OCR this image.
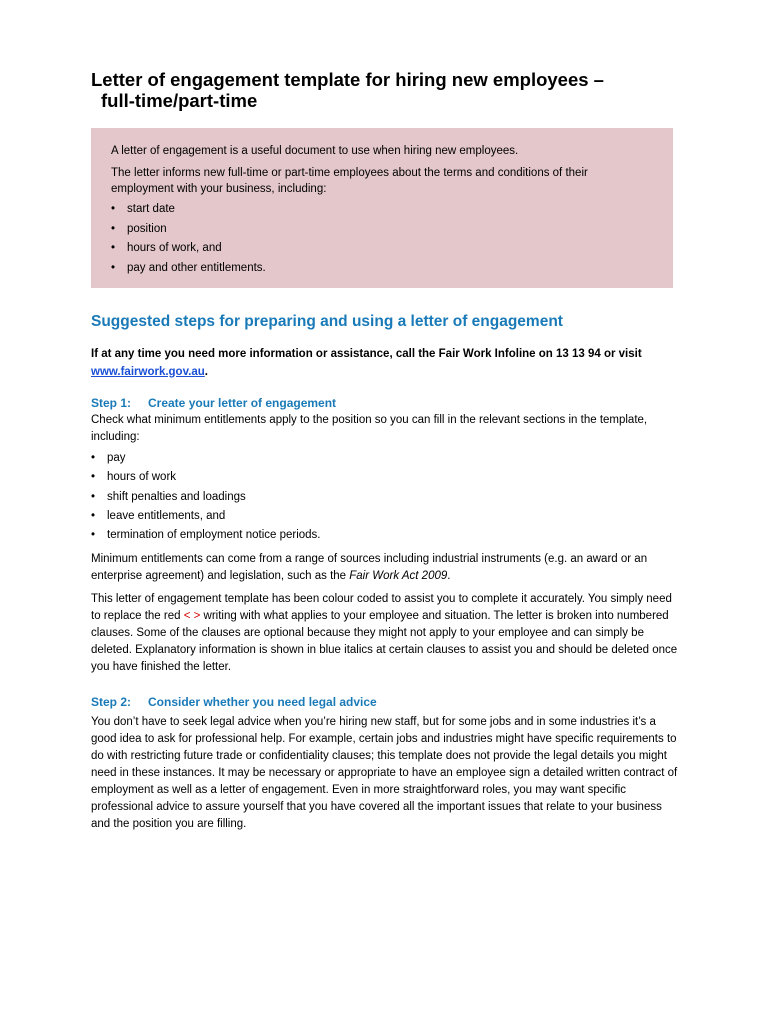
Letter of engagement template for hiring new employees –
full-time/part-time

A letter of engagement is a useful document to use when hiring new employees.

The letter informs new full-time or part-time employees about the terms and conditions of their employment with your business, including:

• start date
• position
• hours of work, and
• pay and other entitlements.
Suggested steps for preparing and using a letter of engagement

If at any time you need more information or assistance, call the Fair Work Infoline on 13 13 94 or visit www.fairwork.gov.au.

Step 1: Create your letter of engagement

Check what minimum entitlements apply to the position so you can fill in the relevant sections in the template, including:

• pay
• hours of work
• shift penalties and loadings
• leave entitlements, and
• termination of employment notice periods.

Minimum entitlements can come from a range of sources including industrial instruments (e.g. an award or an enterprise agreement) and legislation, such as the Fair Work Act 2009.

This letter of engagement template has been colour coded to assist you to complete it accurately. You simply need to replace the red < > writing with what applies to your employee and situation. The letter is broken into numbered clauses. Some of the clauses are optional because they might not apply to your employee and can simply be deleted. Explanatory information is shown in blue italics at certain clauses to assist you and should be deleted once you have finished the letter.

Step 2: Consider whether you need legal advice

You don’t have to seek legal advice when you’re hiring new staff, but for some jobs and in some industries it’s a good idea to ask for professional help. For example, certain jobs and industries might have specific requirements to do with restricting future trade or confidentiality clauses; this template does not provide the legal details you might need in these instances. It may be necessary or appropriate to have an employee sign a detailed written contract of employment as well as a letter of engagement. Even in more straightforward roles, you may want specific professional advice to assure yourself that you have covered all the important issues that relate to your business and the position you are filling.
